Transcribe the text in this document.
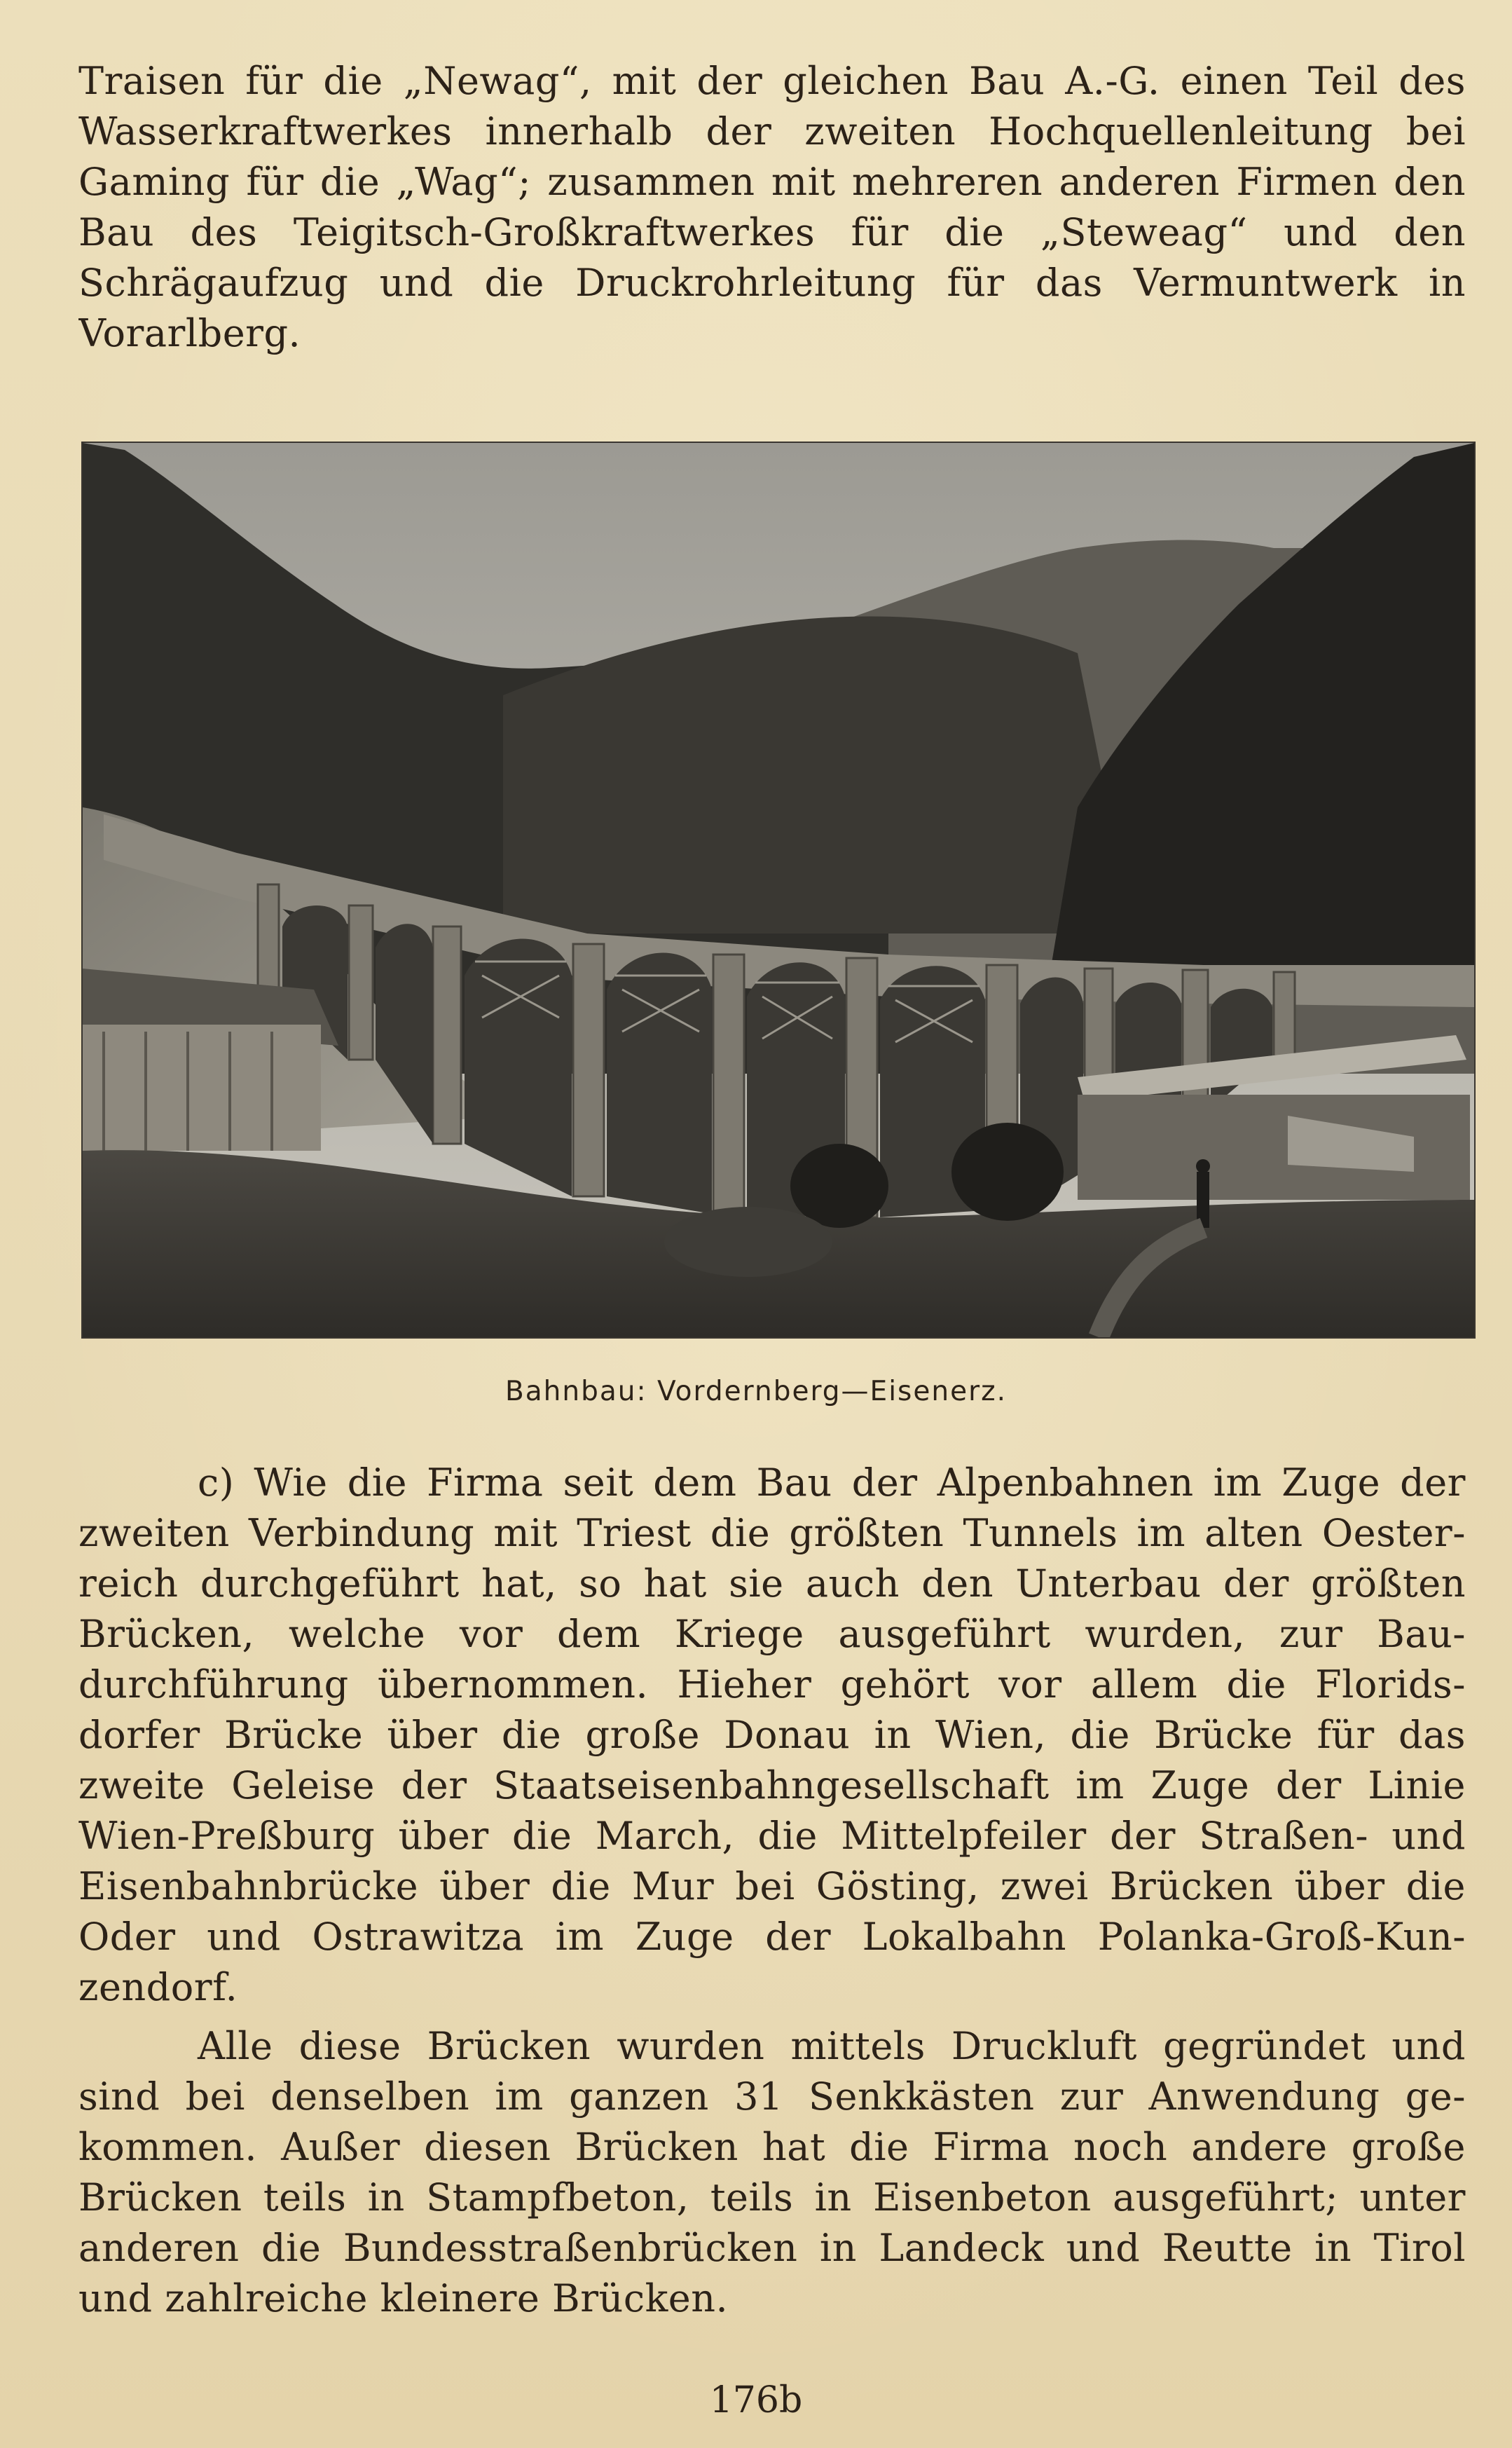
Traisen für die „Newag“, mit der gleichen Bau A.-G. einen Teil des
Wasserkraftwerkes innerhalb der zweiten Hochquellenleitung bei
Gaming für die „Wag“; zusammen mit mehreren anderen Firmen den
Bau des Teigitsch-Großkraftwerkes für die „Steweag“ und den
Schrägaufzug und die Druckrohrleitung für das Vermuntwerk in
Vorarlberg.
Bahnbau: Vordernberg—Eisenerz.
c) Wie die Firma seit dem Bau der Alpenbahnen im Zuge der
zweiten Verbindung mit Triest die größten Tunnels im alten Oester-
reich durchgeführt hat, so hat sie auch den Unterbau der größten
Brücken, welche vor dem Kriege ausgeführt wurden, zur Bau-
durchführung übernommen. Hieher gehört vor allem die Florids-
dorfer Brücke über die große Donau in Wien, die Brücke für das
zweite Geleise der Staatseisenbahngesellschaft im Zuge der Linie
Wien-Preßburg über die March, die Mittelpfeiler der Straßen- und
Eisenbahnbrücke über die Mur bei Gösting, zwei Brücken über die
Oder und Ostrawitza im Zuge der Lokalbahn Polanka-Groß-Kun-
zendorf.
Alle diese Brücken wurden mittels Druckluft gegründet und
sind bei denselben im ganzen 31 Senkkästen zur Anwendung ge-
kommen. Außer diesen Brücken hat die Firma noch andere große
Brücken teils in Stampfbeton, teils in Eisenbeton ausgeführt; unter
anderen die Bundesstraßenbrücken in Landeck und Reutte in Tirol
und zahlreiche kleinere Brücken.
176b
